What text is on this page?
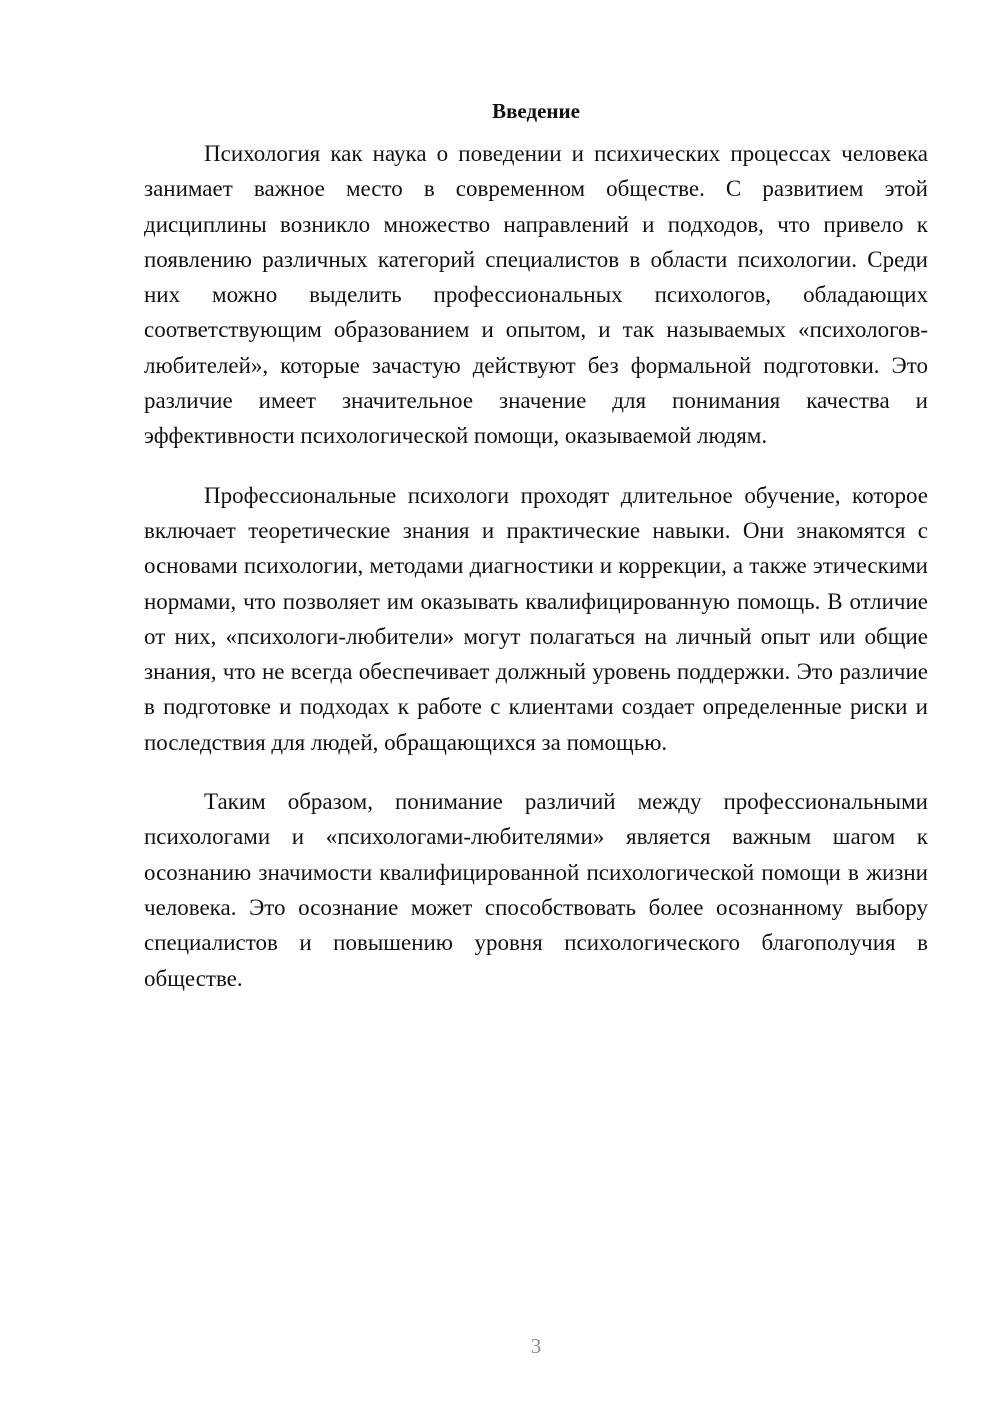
Введение

Психология как наука о поведении и психических процессах человека занимает важное место в современном обществе. С развитием этой дисциплины возникло множество направлений и подходов, что привело к появлению различных категорий специалистов в области психологии. Среди них можно выделить профессиональных психологов, обладающих соответствующим образованием и опытом, и так называемых «психологов-любителей», которые зачастую действуют без формальной подготовки. Это различие имеет значительное значение для понимания качества и эффективности психологической помощи, оказываемой людям.

Профессиональные психологи проходят длительное обучение, которое включает теоретические знания и практические навыки. Они знакомятся с основами психологии, методами диагностики и коррекции, а также этическими нормами, что позволяет им оказывать квалифицированную помощь. В отличие от них, «психологи-любители» могут полагаться на личный опыт или общие знания, что не всегда обеспечивает должный уровень поддержки. Это различие в подготовке и подходах к работе с клиентами создает определенные риски и последствия для людей, обращающихся за помощью.

Таким образом, понимание различий между профессиональными психологами и «психологами-любителями» является важным шагом к осознанию значимости квалифицированной психологической помощи в жизни человека. Это осознание может способствовать более осознанному выбору специалистов и повышению уровня психологического благополучия в обществе.

3
